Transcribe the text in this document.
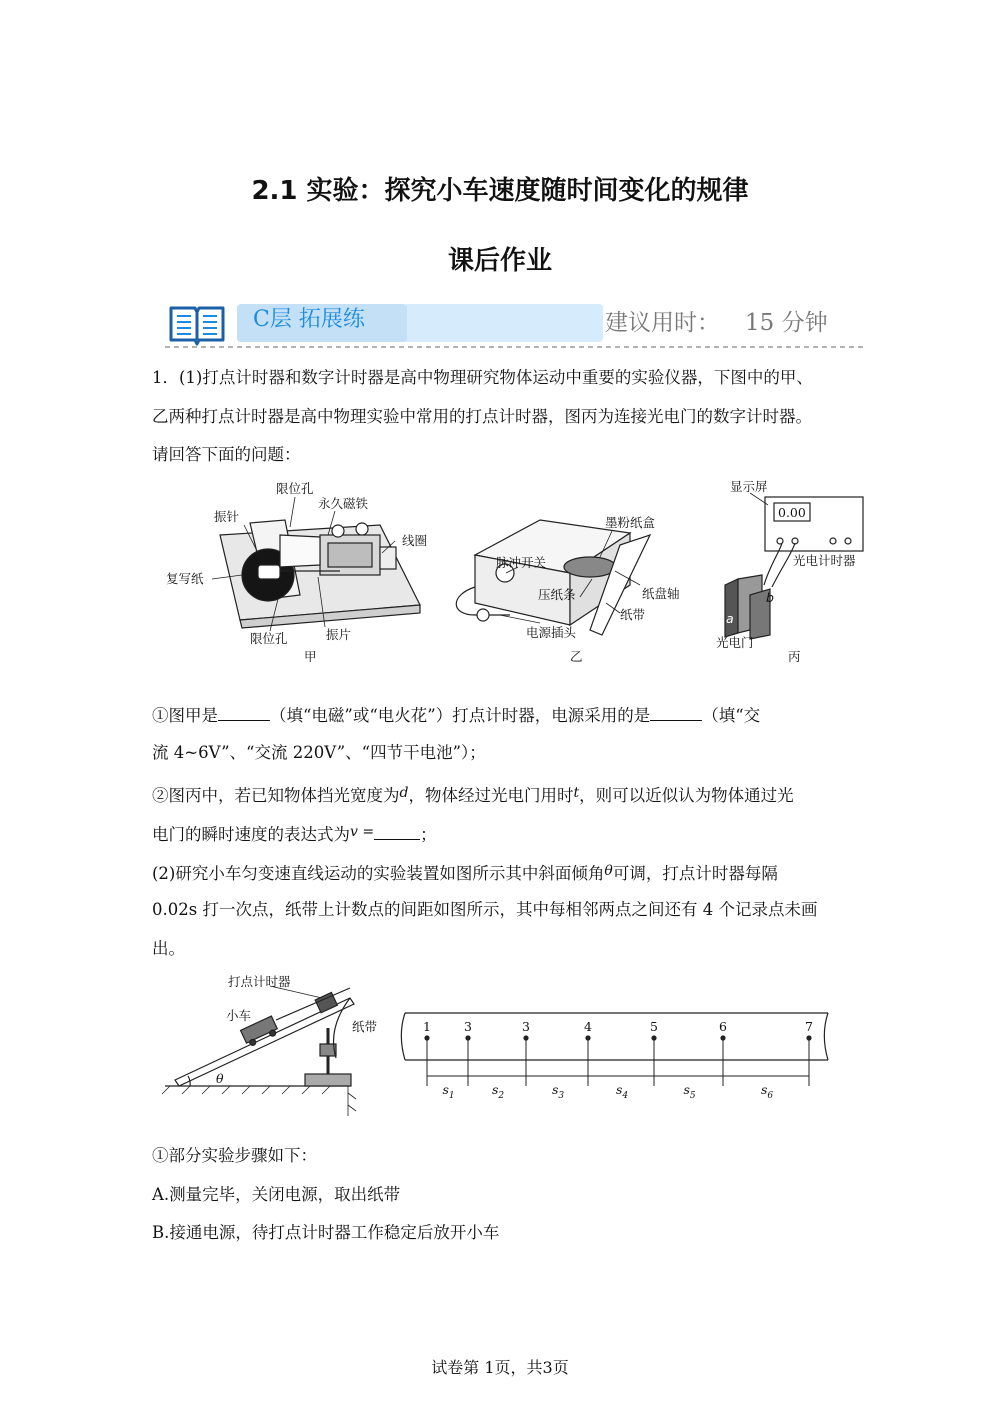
2.1 实验：探究小车速度随时间变化的规律
课后作业
C层 拓展练	建议用时： 15 分钟
1．(1)打点计时器和数字计时器是高中物理研究物体运动中重要的实验仪器，下图中的甲、
乙两种打点计时器是高中物理实验中常用的打点计时器，图丙为连接光电门的数字计时器。
请回答下面的问题：
限位孔
永久磁铁
振针
线圈
复写纸
限位孔	振片
甲
墨粉纸盒
脉冲开关
纸盘轴
压纸条
纸带
电源插头
乙
显示屏
0.00
光电计时器
a
b
光电门
丙
①图甲是	（填“电磁”或“电火花”）打点计时器，电源采用的是	（填“交
流 4~6V”、“交流 220V”、“四节干电池”）；
②图丙中，若已知物体挡光宽度为$^d$，物体经过光电门用时$^t$，则可以近似认为物体通过光
电门的瞬时速度的表达式为$^v$ =	；
(2)研究小车匀变速直线运动的实验装置如图所示其中斜面倾角$^\theta$可调，打点计时器每隔
0.02s 打一次点，纸带上计数点的间距如图所示，其中每相邻两点之间还有 4 个记录点未画
出。
打点计时器
小车
纸带
θ
1	3	3	4	5	6	7
$s_1$	$s_2$	$s_3$	$s_4$	$s_5$	$s_6$
①部分实验步骤如下：
A.测量完毕，关闭电源，取出纸带
B.接通电源，待打点计时器工作稳定后放开小车
试卷第 1页，共3页
